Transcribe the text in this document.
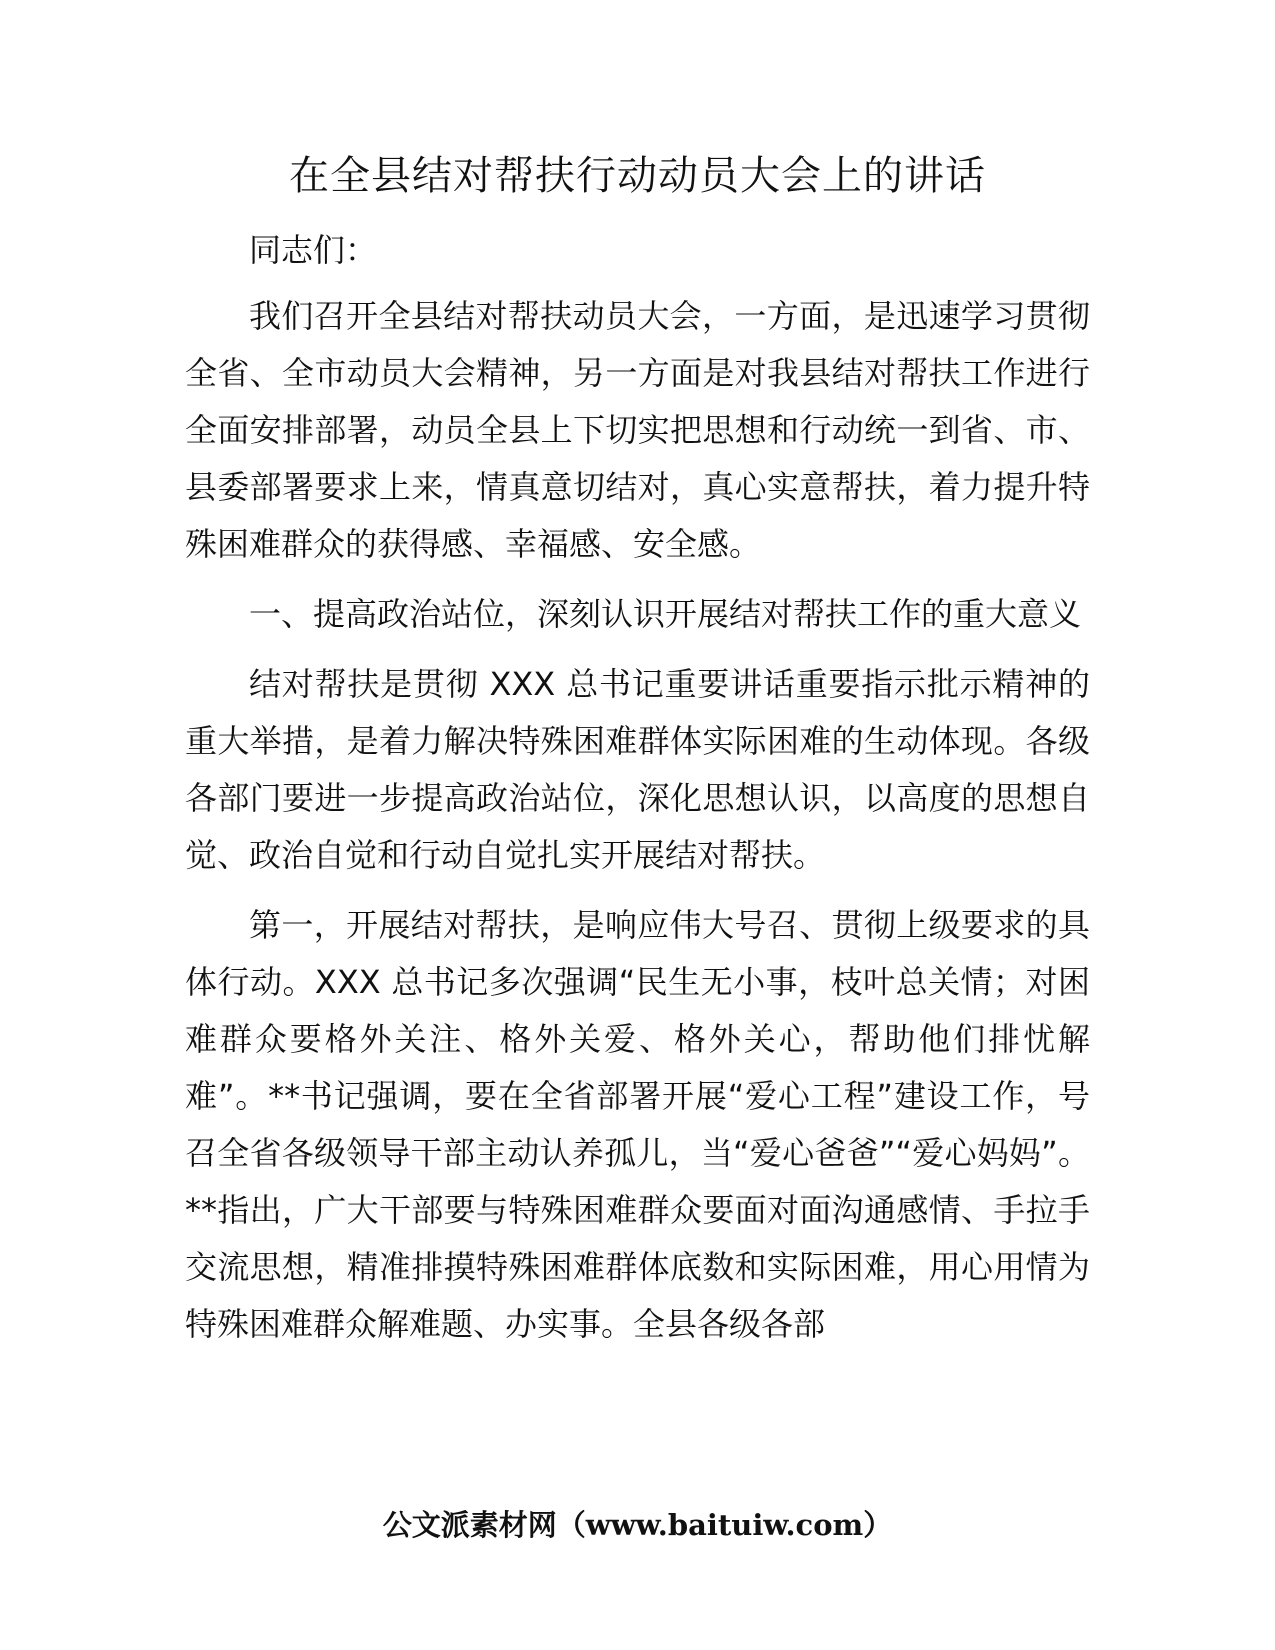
在全县结对帮扶行动动员大会上的讲话

同志们：

我们召开全县结对帮扶动员大会，一方面，是迅速学习贯彻全省、全市动员大会精神，另一方面是对我县结对帮扶工作进行全面安排部署，动员全县上下切实把思想和行动统一到省、市、县委部署要求上来，情真意切结对，真心实意帮扶，着力提升特殊困难群众的获得感、幸福感、安全感。

一、提高政治站位，深刻认识开展结对帮扶工作的重大意义

结对帮扶是贯彻 XXX 总书记重要讲话重要指示批示精神的重大举措，是着力解决特殊困难群体实际困难的生动体现。各级各部门要进一步提高政治站位，深化思想认识，以高度的思想自觉、政治自觉和行动自觉扎实开展结对帮扶。

第一，开展结对帮扶，是响应伟大号召、贯彻上级要求的具体行动。XXX 总书记多次强调“民生无小事，枝叶总关情；对困难群众要格外关注、格外关爱、格外关心，帮助他们排忧解难”。**书记强调，要在全省部署开展“爱心工程”建设工作，号召全省各级领导干部主动认养孤儿，当“爱心爸爸”“爱心妈妈”。**指出，广大干部要与特殊困难群众要面对面沟通感情、手拉手交流思想，精准排摸特殊困难群体底数和实际困难，用心用情为特殊困难群众解难题、办实事。全县各级各部

公文派素材网（www.baituiw.com）
